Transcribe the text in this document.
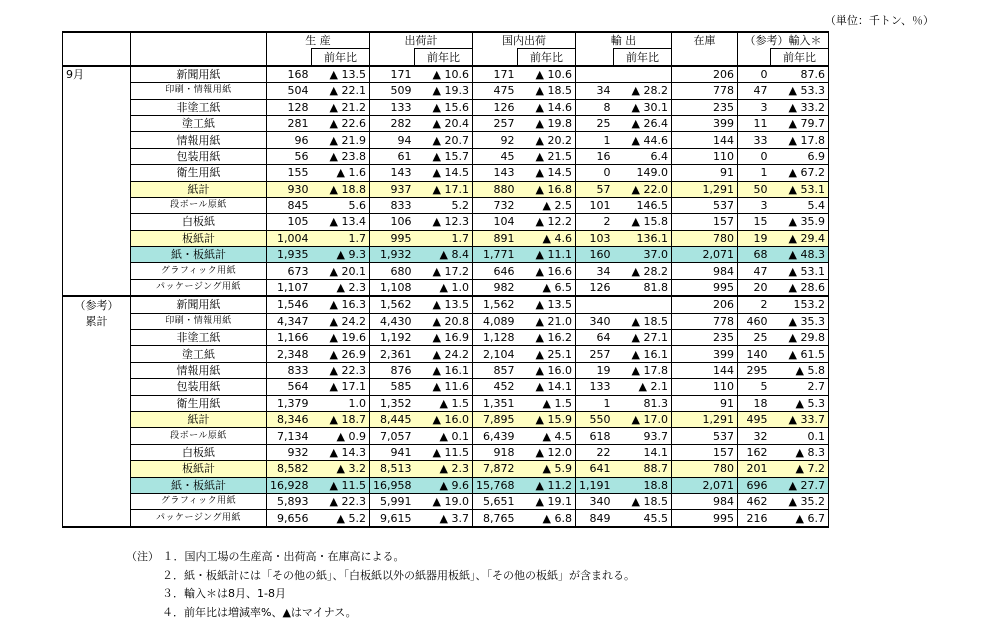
（単位：千トン、％）
		生 産		出荷計		国内出荷		輸 出		在庫	（参考）輸入＊	
			前年比		前年比		前年比		前年比			前年比
9月	新聞用紙	168	▲ 13.5	171	▲ 10.6	171	▲ 10.6			206	0	87.6
	印刷・情報用紙	504	▲ 22.1	509	▲ 19.3	475	▲ 18.5	34	▲ 28.2	778	47	▲ 53.3
	非塗工紙	128	▲ 21.2	133	▲ 15.6	126	▲ 14.6	8	▲ 30.1	235	3	▲ 33.2
	塗工紙	281	▲ 22.6	282	▲ 20.4	257	▲ 19.8	25	▲ 26.4	399	11	▲ 79.7
	情報用紙	96	▲ 21.9	94	▲ 20.7	92	▲ 20.2	1	▲ 44.6	144	33	▲ 17.8
	包装用紙	56	▲ 23.8	61	▲ 15.7	45	▲ 21.5	16	6.4	110	0	6.9
	衛生用紙	155	▲ 1.6	143	▲ 14.5	143	▲ 14.5	0	149.0	91	1	▲ 67.2
	紙計	930	▲ 18.8	937	▲ 17.1	880	▲ 16.8	57	▲ 22.0	1,291	50	▲ 53.1
	段ボール原紙	845	5.6	833	5.2	732	▲ 2.5	101	146.5	537	3	5.4
	白板紙	105	▲ 13.4	106	▲ 12.3	104	▲ 12.2	2	▲ 15.8	157	15	▲ 35.9
	板紙計	1,004	1.7	995	1.7	891	▲ 4.6	103	136.1	780	19	▲ 29.4
	紙・板紙計	1,935	▲ 9.3	1,932	▲ 8.4	1,771	▲ 11.1	160	37.0	2,071	68	▲ 48.3
	グラフィック用紙	673	▲ 20.1	680	▲ 17.2	646	▲ 16.6	34	▲ 28.2	984	47	▲ 53.1
	パッケージング用紙	1,107	▲ 2.3	1,108	▲ 1.0	982	▲ 6.5	126	81.8	995	20	▲ 28.6
（参考）	新聞用紙	1,546	▲ 16.3	1,562	▲ 13.5	1,562	▲ 13.5			206	2	153.2
累計	印刷・情報用紙	4,347	▲ 24.2	4,430	▲ 20.8	4,089	▲ 21.0	340	▲ 18.5	778	460	▲ 35.3
	非塗工紙	1,166	▲ 19.6	1,192	▲ 16.9	1,128	▲ 16.2	64	▲ 27.1	235	25	▲ 29.8
	塗工紙	2,348	▲ 26.9	2,361	▲ 24.2	2,104	▲ 25.1	257	▲ 16.1	399	140	▲ 61.5
	情報用紙	833	▲ 22.3	876	▲ 16.1	857	▲ 16.0	19	▲ 17.8	144	295	▲ 5.8
	包装用紙	564	▲ 17.1	585	▲ 11.6	452	▲ 14.1	133	▲ 2.1	110	5	2.7
	衛生用紙	1,379	1.0	1,352	▲ 1.5	1,351	▲ 1.5	1	81.3	91	18	▲ 5.3
	紙計	8,346	▲ 18.7	8,445	▲ 16.0	7,895	▲ 15.9	550	▲ 17.0	1,291	495	▲ 33.7
	段ボール原紙	7,134	▲ 0.9	7,057	▲ 0.1	6,439	▲ 4.5	618	93.7	537	32	0.1
	白板紙	932	▲ 14.3	941	▲ 11.5	918	▲ 12.0	22	14.1	157	162	▲ 8.3
	板紙計	8,582	▲ 3.2	8,513	▲ 2.3	7,872	▲ 5.9	641	88.7	780	201	▲ 7.2
	紙・板紙計	16,928	▲ 11.5	16,958	▲ 9.6	15,768	▲ 11.2	1,191	18.8	2,071	696	▲ 27.7
	グラフィック用紙	5,893	▲ 22.3	5,991	▲ 19.0	5,651	▲ 19.1	340	▲ 18.5	984	462	▲ 35.2
	パッケージング用紙	9,656	▲ 5.2	9,615	▲ 3.7	8,765	▲ 6.8	849	45.5	995	216	▲ 6.7
（注） １．国内工場の生産高・出荷高・在庫高による。
２．紙・板紙計には「その他の紙」、「白板紙以外の紙器用板紙」、「その他の板紙」が含まれる。
３．輸入＊は8月、1-8月
４．前年比は増減率%、▲はマイナス。
